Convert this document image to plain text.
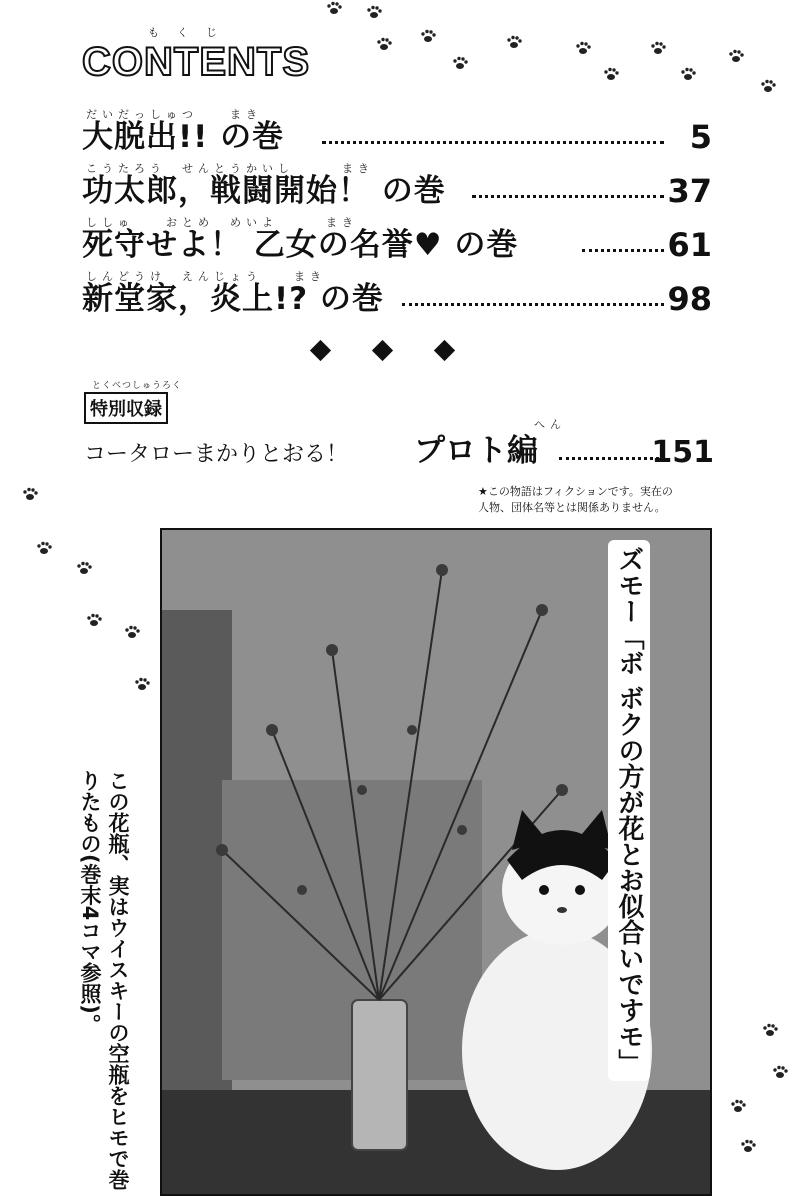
もくじ
CONTENTS
だいだっしゅつ　　まき
大脱出!! の巻	5
こうたろう　せんとうかいし　　　まき
功太郎，戦闘開始！ の巻	37
ししゅ　　おとめ　めいよ　　　まき
死守せよ！ 乙女の名誉♥ の巻	61
しんどうけ　えんじょう　　まき
新堂家，炎上!? の巻	98
とくべつしゅうろく
特別収録
コータローまかりとおる！
へん
プロト編	151
★この物語はフィクションです。実在の
人物、団体名等とは関係ありません。
この花瓶、実はウイスキーの空瓶をヒモで巻りたもの(巻末4コマ参照)。	ズモー「ボ ボクの方が花とお似合いですモ」
